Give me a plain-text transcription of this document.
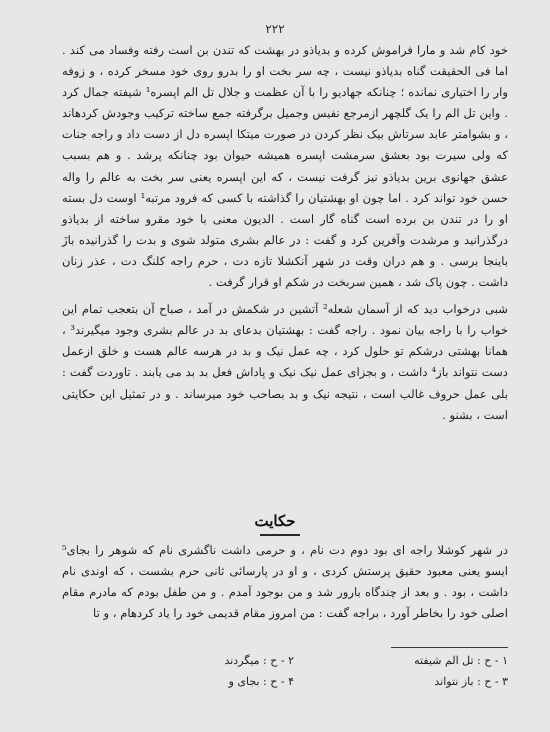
۲۲۲

خود کام شد و مارا فراموش کرده و بدیاذو در بهشت که تندن بن است رفته وفساد می کند . اما فی الحقیقت گناه بدیاذو نیست ، چه سر بخت او را بدرو روی خود مسخر کرده ، و زوفه وار را اختیاری نمانده ؛ چنانکه جهادیو را با آن عظمت و جلال تل الم اپسره¹ شیفته جمال کرد . واین تل الم را یک گلچهر ازمرجع نفیس وجمیل برگرفته جمع ساخته ترکیب وجودش کردهاند ، و بشوامتر عابد سرتاش بیک نظر کردن در صورت میتکا اپسره دل از دست داد و راجه جنات که ولی سیرت بود بعشق سرمشت اپسره همیشه حیوان بود چنانکه پرشد . و هم بسبب عشق جهانوی برین بدیاذو نیز گرفت نیست ، که این اپسره یعنی سر بخت به عالم را واله حسن خود تواند کرد . اما چون او بهشتیان را گذاشته با کسی که فرود مرتبه¹ اوست دل بسته او را در تندن بن برده است گناه گار است . الدیون معنی با خود مقرو ساخته از بدیاذو درگذرانید و مرشدت وآفرین کرد و گفت : در عالم بشری متولد شوی و بدت را گذرانیده بازَ باینجا برسی . و هم دران وقت در شهر آنکشلا تازه دت ، حرم راجه کلنگ دت ، عذر زنان داشت . چون پاک شد ، همین سربخت در شکم او قرار گرفت .

شبی درخواب دید که از آسمان شعله² آتشین در شکمش در آمد ، صباح آن بتعجب تمام این خواب را با راجه بیان نمود . راجه گفت : بهشتیان بدعای بد در عالم بشری وجود میگیرند³ ، همانا بهشتی درشکم تو حلول کرد ، چه عمل نیک و بد در هرسه عالم هست و خلق ازعمل دست نتواند باز⁴ داشت ، و بجزای عمل نیک نیک و پاداش فعل بد بد می یابند . تاوردت گفت : بلی عمل حروف غالب است ، نتیجه نیک و بد بصاحب خود میرساند . و در تمثیل این حکایتی است ، بشنو .

حکایت

در شهر کوشلا راجه ای بود دوم دت نام ، و حرمی داشت ناگشری نام که شوهر را بجای⁵ ایسو یعنی معبود حقیق پرستش کردی ، و او در پارسائی ثانی حرم بشست ، که اوندی نام داشت ، بود . و بعد از چندگاه بارور شد و من بوجود آمدم . و من طفل بودم که مادرم مقام اصلی خود را بخاطر آورد ، براجه گفت : من امروز مقام قدیمی خود را یاد کردهام ، و تا

۱ - ح : تل الم شیفته
۲ - ح : میگردند
۳ - ح : باز نتواند
۴ - ح : بجای و
